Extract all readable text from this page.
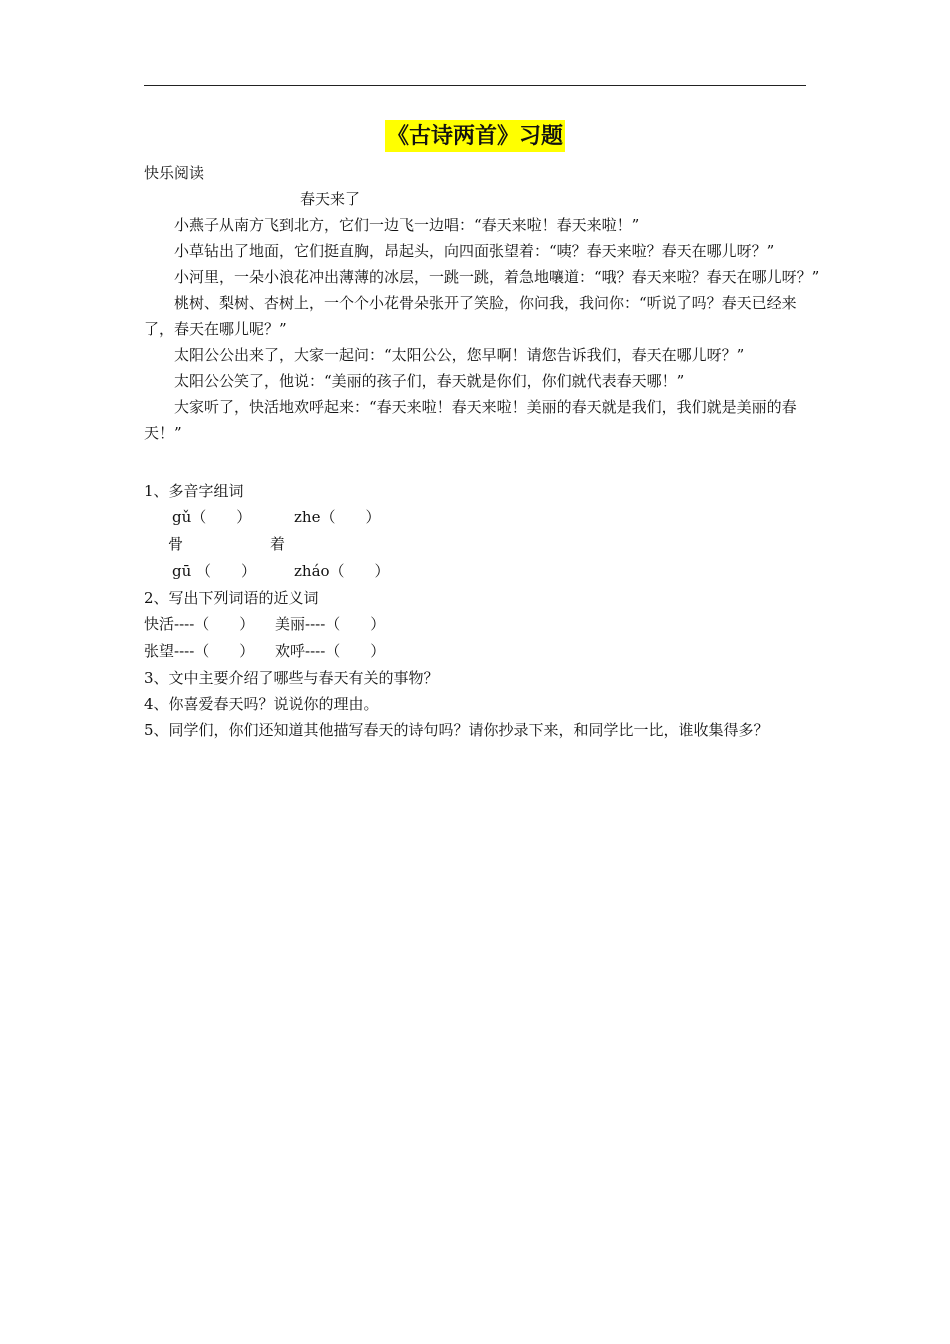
《古诗两首》习题
快乐阅读
春天来了
小燕子从南方飞到北方，它们一边飞一边唱：“春天来啦！春天来啦！”
小草钻出了地面，它们挺直胸，昂起头，向四面张望着：“咦？春天来啦？春天在哪儿呀？”
小河里，一朵小浪花冲出薄薄的冰层，一跳一跳，着急地嚷道：“哦？春天来啦？春天在哪儿呀？”
桃树、梨树、杏树上，一个个小花骨朵张开了笑脸，你问我，我问你：“听说了吗？春天已经来了，春天在哪儿呢？”
太阳公公出来了，大家一起问：“太阳公公，您早啊！请您告诉我们，春天在哪儿呀？”
太阳公公笑了，他说：“美丽的孩子们，春天就是你们，你们就代表春天哪！”
大家听了，快活地欢呼起来：“春天来啦！春天来啦！美丽的春天就是我们，我们就是美丽的春天！”
1、多音字组词
gǔ（　　）	zhe（　　）
骨	着
gū （　　）	zháo（　　）
2、写出下列词语的近义词
快活----（　　）	美丽----（　　）
张望----（　　）	欢呼----（　　）
3、文中主要介绍了哪些与春天有关的事物？
4、你喜爱春天吗？说说你的理由。
5、同学们，你们还知道其他描写春天的诗句吗？请你抄录下来，和同学比一比，谁收集得多？
